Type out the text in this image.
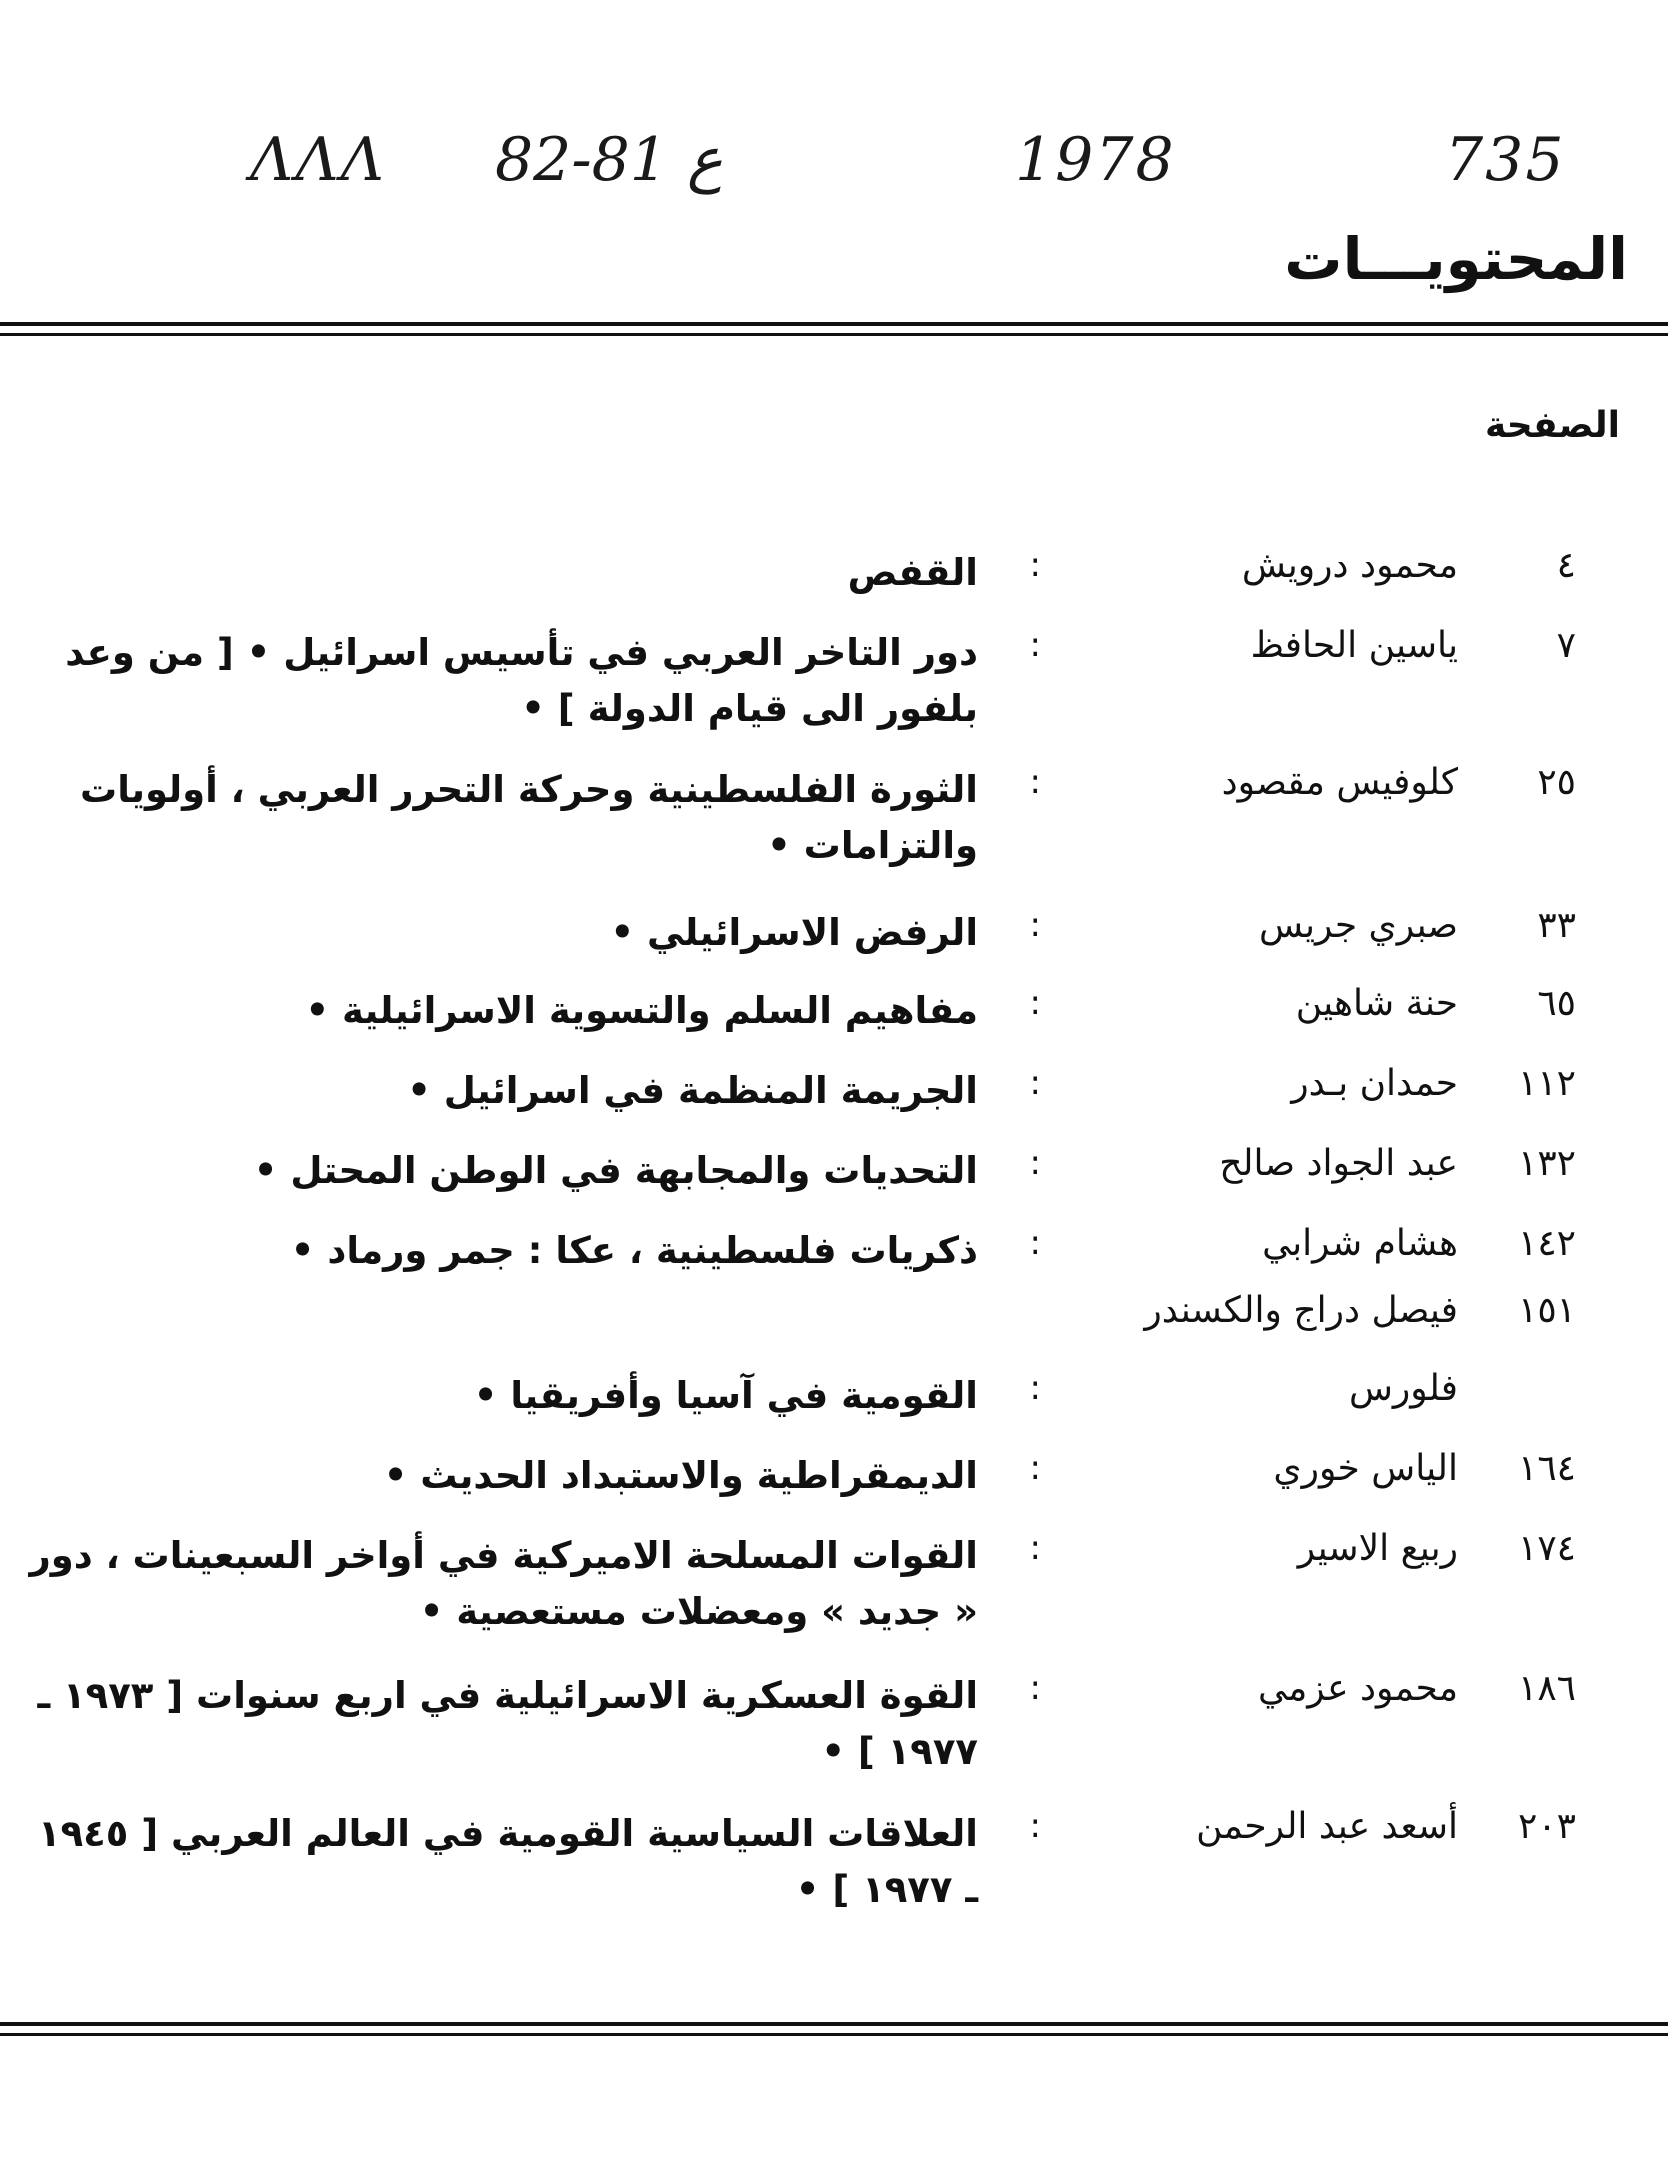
ΛΛΛ 82-81 ع	1978	735
المحتويـــات
الصفحة
٤
محمود درويش
:
القفص
٧
ياسين الحافظ
:
دور التاخر العربي في تأسيس اسرائيل • [ من وعد بلفور الى قيام الدولة ] •
٢٥
كلوفيس مقصود
:
الثورة الفلسطينية وحركة التحرر العربي ، أولويات والتزامات •
٣٣
صبري جريس
:
الرفض الاسرائيلي •
٦٥
حنة شاهين
:
مفاهيم السلم والتسوية الاسرائيلية •
١١٢
حمدان بـدر
:
الجريمة المنظمة في اسرائيل •
١٣٢
عبد الجواد صالح
:
التحديات والمجابهة في الوطن المحتل •
١٤٢
هشام شرابي
:
ذكريات فلسطينية ، عكا : جمر ورماد •
١٥١
فيصل دراج والكسندر
فلورس
:
القومية في آسيا وأفريقيا •
١٦٤
الياس خوري
:
الديمقراطية والاستبداد الحديث •
١٧٤
ربيع الاسير
:
القوات المسلحة الاميركية في أواخر السبعينات ، دور « جديد » ومعضلات مستعصية •
١٨٦
محمود عزمي
:
القوة العسكرية الاسرائيلية في اربع سنوات [ ١٩٧٣ ـ ١٩٧٧ ] •
٢٠٣
أسعد عبد الرحمن
:
العلاقات السياسية القومية في العالم العربي [ ١٩٤٥ ـ ١٩٧٧ ] •
